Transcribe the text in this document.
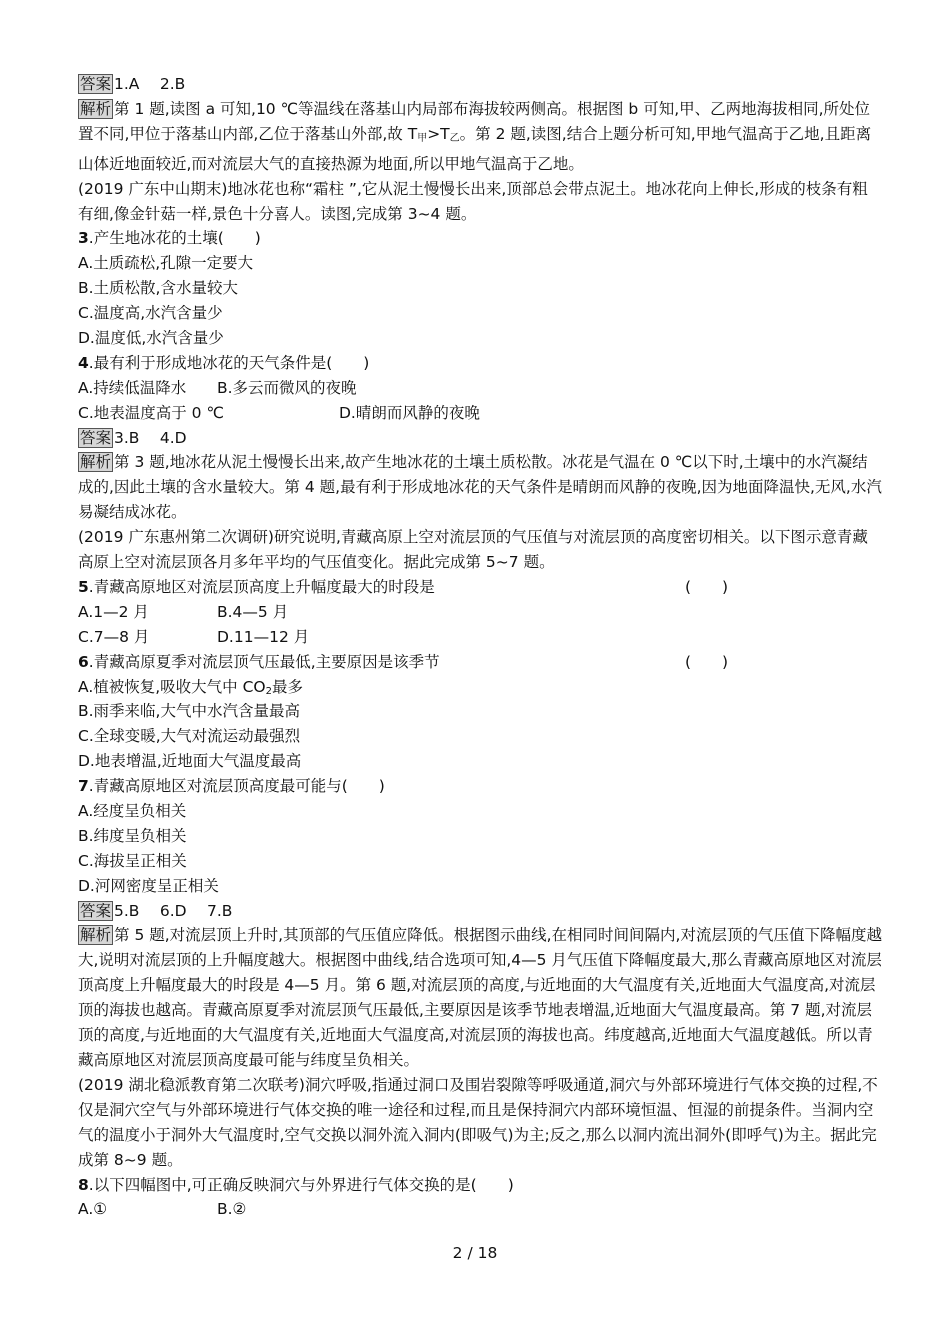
答案 1.A　 2.B
解析 第 1 题,读图 a 可知,10 ℃等温线在落基山内局部布海拔较两侧高。根据图 b 可知,甲、乙两地海拔相同,所处位置不同,甲位于落基山内部,乙位于落基山外部,故 $T_甲>T_乙$。第 2 题,读图,结合上题分析可知,甲地气温高于乙地,且距离山体近地面较近,而对流层大气的直接热源为地面,所以甲地气温高于乙地。
(2019 广东中山期末)地冰花也称“霜柱 ”,它从泥土慢慢长出来,顶部总会带点泥土。地冰花向上伸长,形成的枝条有粗有细,像金针菇一样,景色十分喜人。读图,完成第 3~4 题。
3.产生地冰花的土壤(　　)
A.土质疏松,孔隙一定要大
B.土质松散,含水量较大
C.温度高,水汽含量少
D.温度低,水汽含量少
4.最有利于形成地冰花的天气条件是(　　)
A.持续低温降水 B.多云而微风的夜晚
C.地表温度高于 0 ℃	D.晴朗而风静的夜晚
答案 3.B　 4.D
解析 第 3 题,地冰花从泥土慢慢长出来,故产生地冰花的土壤土质松散。冰花是气温在 0 ℃以下时,土壤中的水汽凝结成的,因此土壤的含水量较大。第 4 题,最有利于形成地冰花的天气条件是晴朗而风静的夜晚,因为地面降温快,无风,水汽易凝结成冰花。
(2019 广东惠州第二次调研)研究说明,青藏高原上空对流层顶的气压值与对流层顶的高度密切相关。以下图示意青藏高原上空对流层顶各月多年平均的气压值变化。据此完成第 5~7 题。
5.青藏高原地区对流层顶高度上升幅度最大的时段是	(　　)
A.1—2 月	B.4—5 月
C.7—8 月	D.11—12 月
6.青藏高原夏季对流层顶气压最低,主要原因是该季节	(　　)
A.植被恢复,吸收大气中 $CO_2$最多
B.雨季来临,大气中水汽含量最高
C.全球变暖,大气对流运动最强烈
D.地表增温,近地面大气温度最高
7.青藏高原地区对流层顶高度最可能与(　　)
A.经度呈负相关
B.纬度呈负相关
C.海拔呈正相关
D.河网密度呈正相关
答案 5.B　 6.D　 7.B
解析 第 5 题,对流层顶上升时,其顶部的气压值应降低。根据图示曲线,在相同时间间隔内,对流层顶的气压值下降幅度越大,说明对流层顶的上升幅度越大。根据图中曲线,结合选项可知,4—5 月气压值下降幅度最大,那么青藏高原地区对流层顶高度上升幅度最大的时段是 4—5 月。第 6 题,对流层顶的高度,与近地面的大气温度有关,近地面大气温度高,对流层顶的海拔也越高。青藏高原夏季对流层顶气压最低,主要原因是该季节地表增温,近地面大气温度最高。第 7 题,对流层顶的高度,与近地面的大气温度有关,近地面大气温度高,对流层顶的海拔也高。纬度越高,近地面大气温度越低。所以青藏高原地区对流层顶高度最可能与纬度呈负相关。
(2019 湖北稳派教育第二次联考)洞穴呼吸,指通过洞口及围岩裂隙等呼吸通道,洞穴与外部环境进行气体交换的过程,不仅是洞穴空气与外部环境进行气体交换的唯一途径和过程,而且是保持洞穴内部环境恒温、恒湿的前提条件。当洞内空气的温度小于洞外大气温度时,空气交换以洞外流入洞内(即吸气)为主;反之,那么以洞内流出洞外(即呼气)为主。据此完成第 8~9 题。
8.以下四幅图中,可正确反映洞穴与外界进行气体交换的是(　　)
A.①	B.②
2 / 18
